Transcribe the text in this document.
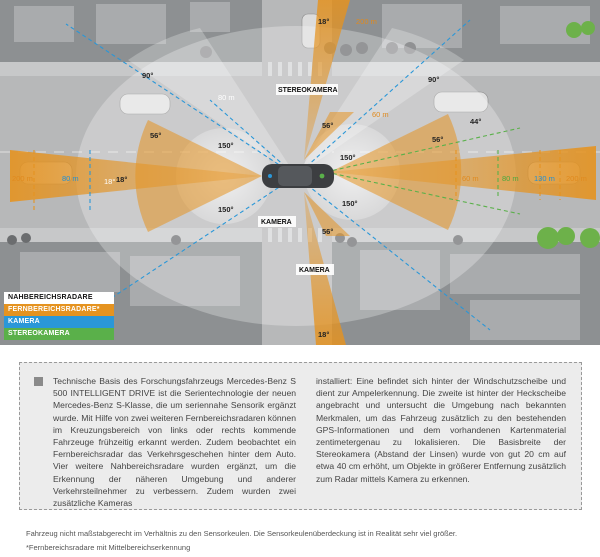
18°
90°
56°
150°
18°
150°
56°
56°
150°
150°
90°
56°
44°
18°
18°
200 m	80 m
60 m
60 m	80 m	200 m
80 m
130 m
200 m
STEREOKAMERA
KAMERA
KAMERA
NAHBEREICHSRADARE
FERNBEREICHSRADARE*
KAMERA
STEREOKAMERA
Technische Basis des Forschungsfahrzeugs Mercedes-Benz S 500 INTELLIGENT DRIVE ist die Serientechnologie der neuen Mercedes-Benz S-Klasse, die um seriennahe Sensorik ergänzt wurde. Mit Hilfe von zwei weiteren Fernbereichsradaren können im Kreuzungsbereich von links oder rechts kommende Fahrzeuge frühzeitig erkannt werden. Zudem beobachtet ein Fernbereichsradar das Verkehrsgeschehen hinter dem Auto. Vier weitere Nahbereichsradare wurden ergänzt, um die Erkennung der näheren Umgebung und anderer Verkehrsteilnehmer zu verbessern. Zudem wurden zwei zusätzliche Kameras
installiert: Eine befindet sich hinter der Windschutzscheibe und dient zur Ampelerkennung. Die zweite ist hinter der Heckscheibe angebracht und untersucht die Umgebung nach bekannten Merkmalen, um das Fahrzeug zusätzlich zu den bestehenden GPS-Informationen und dem vorhandenen Kartenmaterial zentimetergenau zu lokalisieren. Die Basisbreite der Stereokamera (Abstand der Linsen) wurde von gut 20 cm auf etwa 40 cm erhöht, um Objekte in größerer Entfernung zusätzlich zum Radar mittels Kamera zu erkennen.
Fahrzeug nicht maßstabgerecht im Verhältnis zu den Sensorkeulen. Die Sensorkeulenüberdeckung ist in Realität sehr viel größer.
*Fernbereichsradare mit Mittelbereichserkennung
